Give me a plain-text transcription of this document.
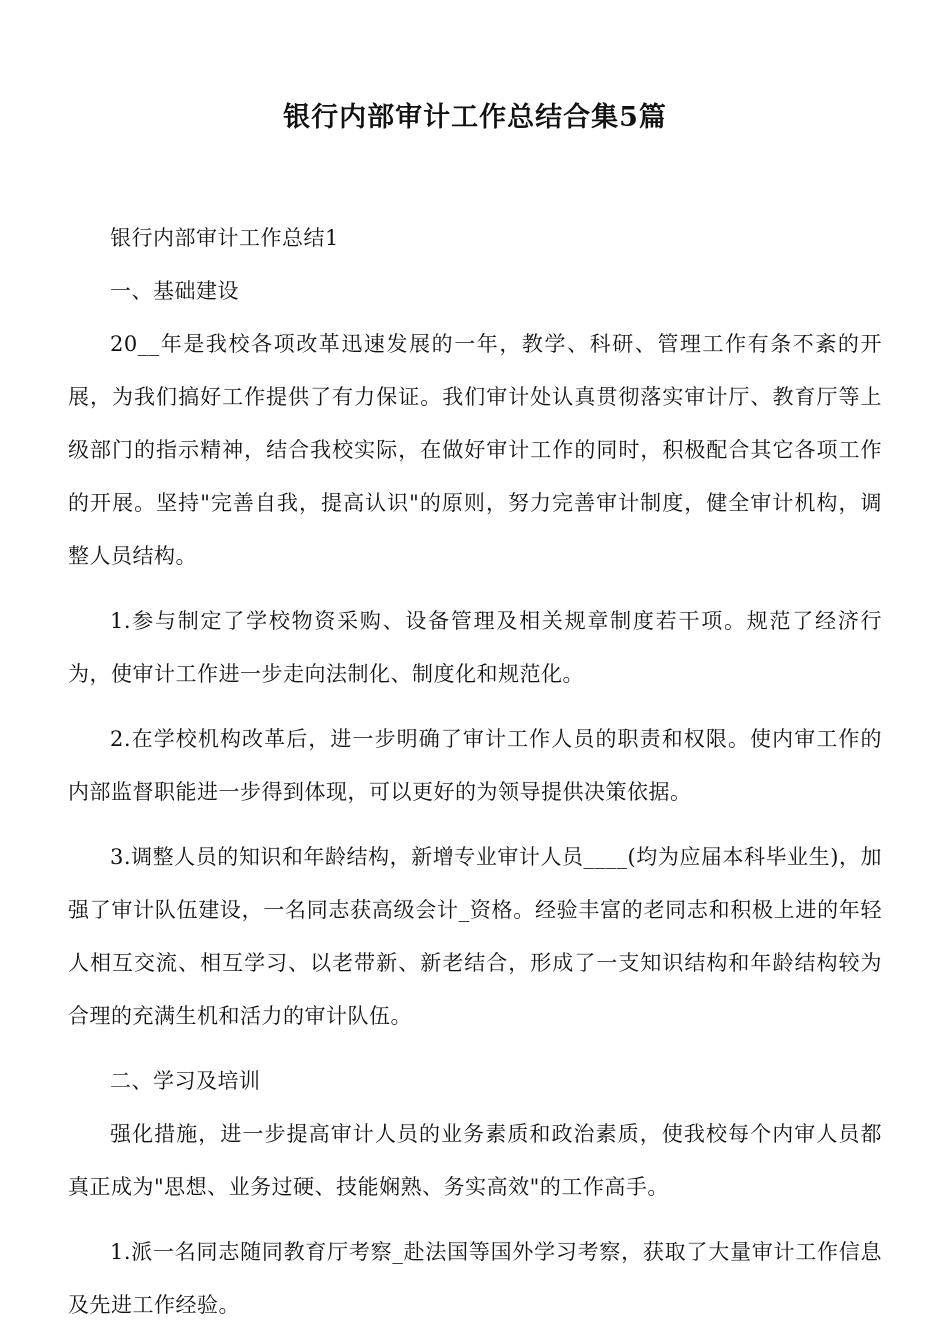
银行内部审计工作总结合集5篇

银行内部审计工作总结1

一、基础建设

20__年是我校各项改革迅速发展的一年，教学、科研、管理工作有条不紊的开展，为我们搞好工作提供了有力保证。我们审计处认真贯彻落实审计厅、教育厅等上级部门的指示精神，结合我校实际，在做好审计工作的同时，积极配合其它各项工作的开展。坚持"完善自我，提高认识"的原则，努力完善审计制度，健全审计机构，调整人员结构。

1.参与制定了学校物资采购、设备管理及相关规章制度若干项。规范了经济行为，使审计工作进一步走向法制化、制度化和规范化。

2.在学校机构改革后，进一步明确了审计工作人员的职责和权限。使内审工作的内部监督职能进一步得到体现，可以更好的为领导提供决策依据。

3.调整人员的知识和年龄结构，新增专业审计人员____(均为应届本科毕业生)，加强了审计队伍建设，一名同志获高级会计_资格。经验丰富的老同志和积极上进的年轻人相互交流、相互学习、以老带新、新老结合，形成了一支知识结构和年龄结构较为合理的充满生机和活力的审计队伍。

二、学习及培训

强化措施，进一步提高审计人员的业务素质和政治素质，使我校每个内审人员都真正成为"思想、业务过硬、技能娴熟、务实高效"的工作高手。

1.派一名同志随同教育厅考察_赴法国等国外学习考察，获取了大量审计工作信息及先进工作经验。
